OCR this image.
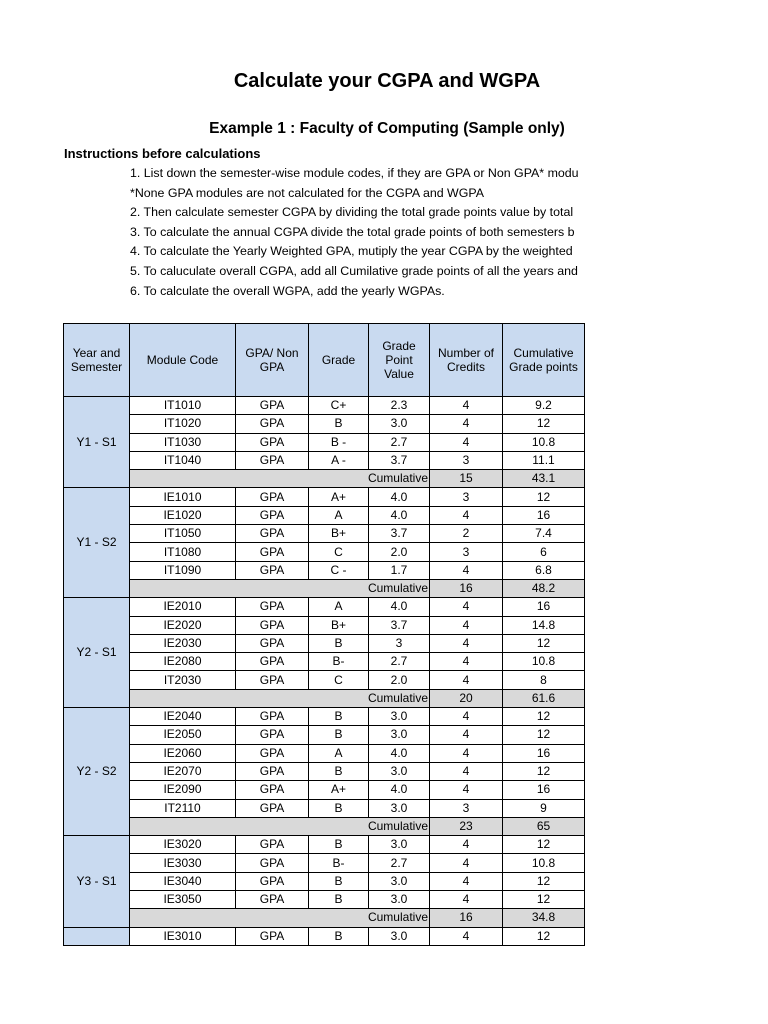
Calculate your CGPA and WGPA
Example 1 : Faculty of Computing (Sample only)
Instructions before calculations
1. List down the semester-wise module codes, if they are GPA or Non GPA* modu
*None GPA modules are not calculated for the CGPA and WGPA
2. Then calculate semester CGPA by dividing the total grade points value by total
3. To calculate the annual CGPA divide the total grade points of both semesters b
4. To calculate the Yearly Weighted GPA, mutiply the year CGPA by the weighted
5. To caluculate overall CGPA, add all Cumilative grade points of all the years and
6. To calculate the overall WGPA, add the yearly WGPAs.
Year and Semester	Module Code	GPA/ Non GPA	Grade	Grade Point Value	Number of Credits	Cumulative Grade points
Y1 - S1	IT1010	GPA	C+	2.3	4	9.2
	IT1020	GPA	B	3.0	4	12
	IT1030	GPA	B -	2.7	4	10.8
	IT1040	GPA	A -	3.7	3	11.1
	Cumulative				15	43.1
Y1 - S2	IE1010	GPA	A+	4.0	3	12
	IE1020	GPA	A	4.0	4	16
	IT1050	GPA	B+	3.7	2	7.4
	IT1080	GPA	C	2.0	3	6
	IT1090	GPA	C -	1.7	4	6.8
	Cumulative				16	48.2
Y2 - S1	IE2010	GPA	A	4.0	4	16
	IE2020	GPA	B+	3.7	4	14.8
	IE2030	GPA	B	3	4	12
	IE2080	GPA	B-	2.7	4	10.8
	IT2030	GPA	C	2.0	4	8
	Cumulative				20	61.6
Y2 - S2	IE2040	GPA	B	3.0	4	12
	IE2050	GPA	B	3.0	4	12
	IE2060	GPA	A	4.0	4	16
	IE2070	GPA	B	3.0	4	12
	IE2090	GPA	A+	4.0	4	16
	IT2110	GPA	B	3.0	3	9
	Cumulative				23	65
Y3 - S1	IE3020	GPA	B	3.0	4	12
	IE3030	GPA	B-	2.7	4	10.8
	IE3040	GPA	B	3.0	4	12
	IE3050	GPA	B	3.0	4	12
	Cumulative				16	34.8
	IE3010	GPA	B	3.0	4	12
